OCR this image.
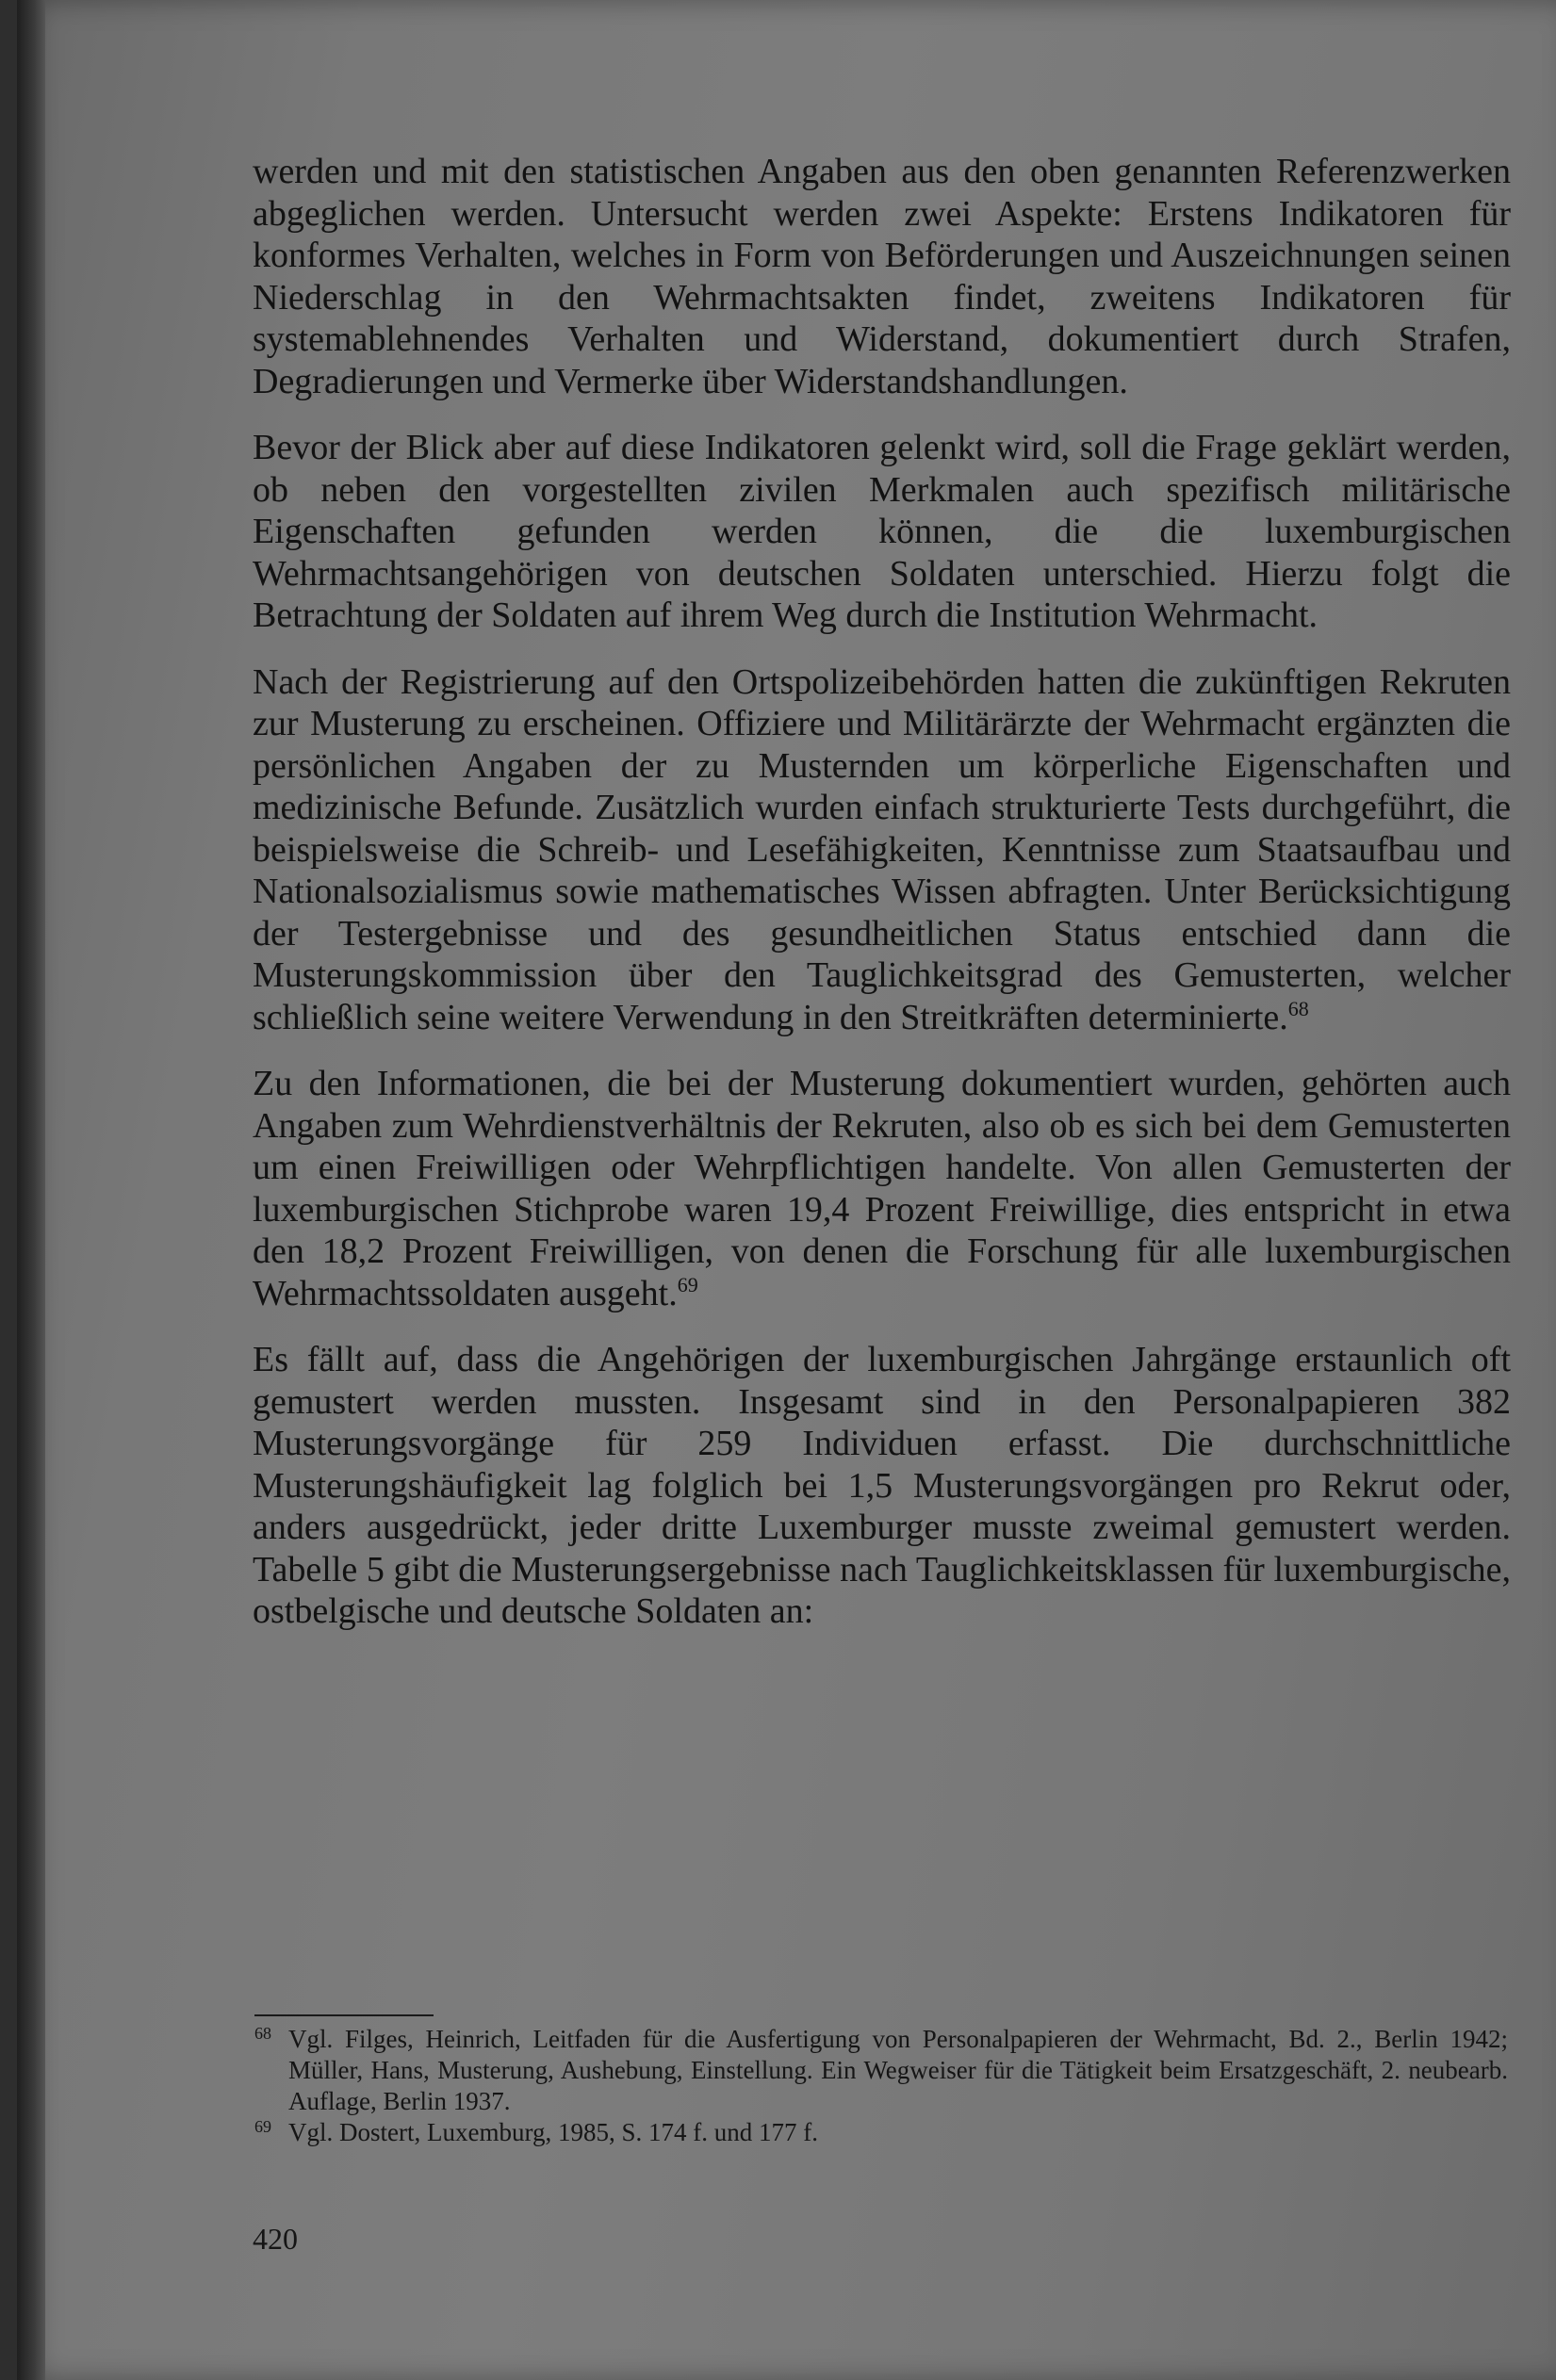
werden und mit den statistischen Angaben aus den oben genannten Referenzwerken abgeglichen werden. Untersucht werden zwei Aspekte: Erstens Indikatoren für konformes Verhalten, welches in Form von Beförderungen und Auszeichnungen seinen Niederschlag in den Wehrmachtsakten findet, zweitens Indikatoren für systemablehnendes Verhalten und Widerstand, dokumentiert durch Strafen, Degradierungen und Vermerke über Widerstandshandlungen.

Bevor der Blick aber auf diese Indikatoren gelenkt wird, soll die Frage geklärt werden, ob neben den vorgestellten zivilen Merkmalen auch spezifisch militärische Eigenschaften gefunden werden können, die die luxemburgischen Wehrmachtsangehörigen von deutschen Soldaten unterschied. Hierzu folgt die Betrachtung der Soldaten auf ihrem Weg durch die Institution Wehrmacht.

Nach der Registrierung auf den Ortspolizeibehörden hatten die zukünftigen Rekruten zur Musterung zu erscheinen. Offiziere und Militärärzte der Wehrmacht ergänzten die persönlichen Angaben der zu Musternden um körperliche Eigenschaften und medizinische Befunde. Zusätzlich wurden einfach strukturierte Tests durchgeführt, die beispielsweise die Schreib- und Lesefähigkeiten, Kenntnisse zum Staatsaufbau und Nationalsozialismus sowie mathematisches Wissen abfragten. Unter Berücksichtigung der Testergebnisse und des gesundheitlichen Status entschied dann die Musterungskommission über den Tauglichkeitsgrad des Gemusterten, welcher schließlich seine weitere Verwendung in den Streitkräften determinierte.$^{68}$

Zu den Informationen, die bei der Musterung dokumentiert wurden, gehörten auch Angaben zum Wehrdienstverhältnis der Rekruten, also ob es sich bei dem Gemusterten um einen Freiwilligen oder Wehrpflichtigen handelte. Von allen Gemusterten der luxemburgischen Stichprobe waren 19,4 Prozent Freiwillige, dies entspricht in etwa den 18,2 Prozent Freiwilligen, von denen die Forschung für alle luxemburgischen Wehrmachtssoldaten ausgeht.$^{69}$

Es fällt auf, dass die Angehörigen der luxemburgischen Jahrgänge erstaunlich oft gemustert werden mussten. Insgesamt sind in den Personalpapieren 382 Musterungsvorgänge für 259 Individuen erfasst. Die durchschnittliche Musterungshäufigkeit lag folglich bei 1,5 Musterungsvorgängen pro Rekrut oder, anders ausgedrückt, jeder dritte Luxemburger musste zweimal gemustert werden. Tabelle 5 gibt die Musterungsergebnisse nach Tauglichkeitsklassen für luxemburgische, ostbelgische und deutsche Soldaten an:

68 Vgl. Filges, Heinrich, Leitfaden für die Ausfertigung von Personalpapieren der Wehrmacht, Bd. 2., Berlin 1942; Müller, Hans, Musterung, Aushebung, Einstellung. Ein Wegweiser für die Tätigkeit beim Ersatzgeschäft, 2. neubearb. Auflage, Berlin 1937.

69 Vgl. Dostert, Luxemburg, 1985, S. 174 f. und 177 f.

420
